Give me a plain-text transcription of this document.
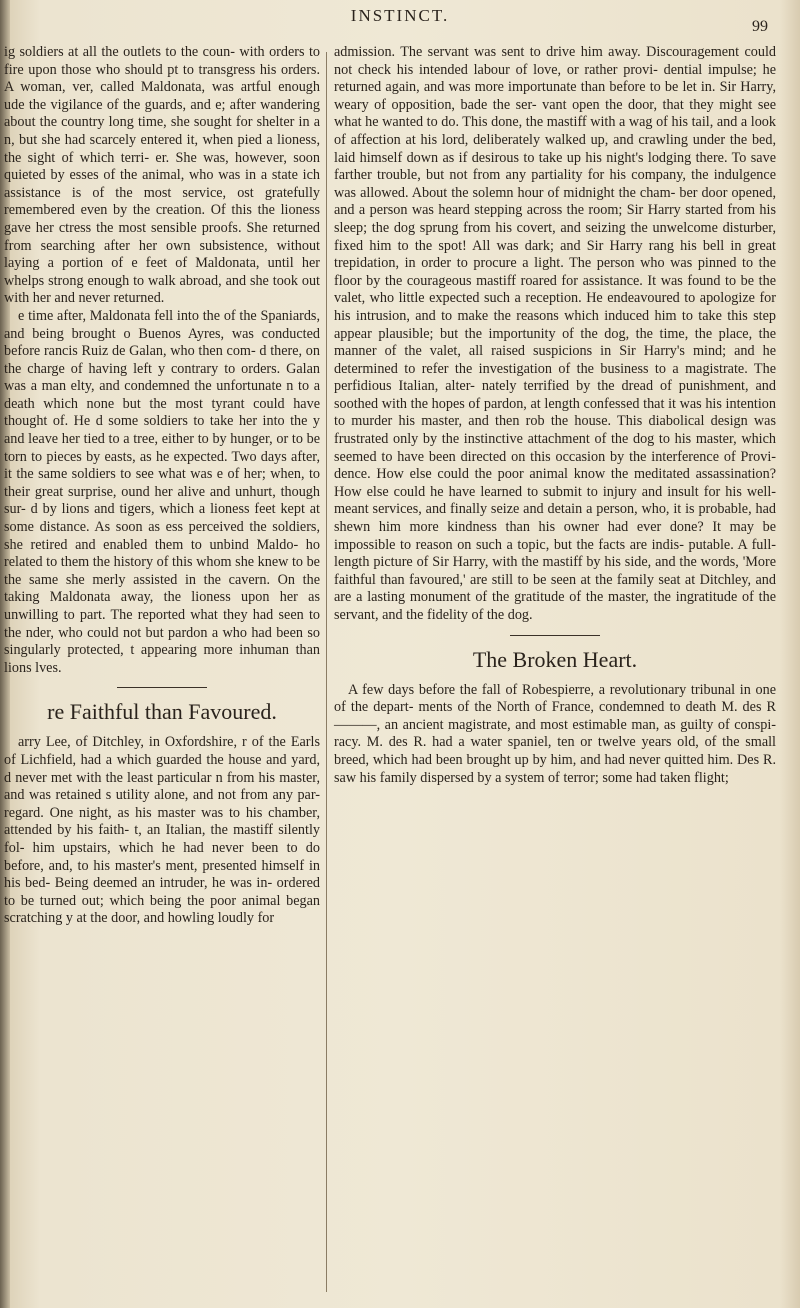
INSTINCT.
99

ig soldiers at all the outlets to the coun- with orders to fire upon those who should pt to transgress his orders. A woman, ver, called Maldonata, was artful enough ude the vigilance of the guards, and e; after wandering about the country long time, she sought for shelter in a n, but she had scarcely entered it, when pied a lioness, the sight of which terri- er. She was, however, soon quieted by esses of the animal, who was in a state ich assistance is of the most service, ost gratefully remembered even by the creation. Of this the lioness gave her ctress the most sensible proofs. She returned from searching after her own subsistence, without laying a portion of e feet of Maldonata, until her whelps strong enough to walk abroad, and she took out with her and never returned.

e time after, Maldonata fell into the of the Spaniards, and being brought o Buenos Ayres, was conducted before rancis Ruiz de Galan, who then com- d there, on the charge of having left y contrary to orders. Galan was a man elty, and condemned the unfortunate n to a death which none but the most tyrant could have thought of. He d some soldiers to take her into the y and leave her tied to a tree, either to by hunger, or to be torn to pieces by easts, as he expected. Two days after, it the same soldiers to see what was e of her; when, to their great surprise, ound her alive and unhurt, though sur- d by lions and tigers, which a lioness feet kept at some distance. As soon as ess perceived the soldiers, she retired and enabled them to unbind Maldo- ho related to them the history of this whom she knew to be the same she merly assisted in the cavern. On the taking Maldonata away, the lioness upon her as unwilling to part. The reported what they had seen to the nder, who could not but pardon a who had been so singularly protected, t appearing more inhuman than lions lves.

re Faithful than Favoured.

arry Lee, of Ditchley, in Oxfordshire, r of the Earls of Lichfield, had a which guarded the house and yard, d never met with the least particular n from his master, and was retained s utility alone, and not from any par- regard. One night, as his master was to his chamber, attended by his faith- t, an Italian, the mastiff silently fol- him upstairs, which he had never been to do before, and, to his master's ment, presented himself in his bed- Being deemed an intruder, he was in- ordered to be turned out; which being the poor animal began scratching y at the door, and howling loudly for

admission. The servant was sent to drive him away. Discouragement could not check his intended labour of love, or rather provi- dential impulse; he returned again, and was more importunate than before to be let in. Sir Harry, weary of opposition, bade the ser- vant open the door, that they might see what he wanted to do. This done, the mastiff with a wag of his tail, and a look of affection at his lord, deliberately walked up, and crawling under the bed, laid himself down as if desirous to take up his night's lodging there. To save farther trouble, but not from any partiality for his company, the indulgence was allowed. About the solemn hour of midnight the cham- ber door opened, and a person was heard stepping across the room; Sir Harry started from his sleep; the dog sprung from his covert, and seizing the unwelcome disturber, fixed him to the spot! All was dark; and Sir Harry rang his bell in great trepidation, in order to procure a light. The person who was pinned to the floor by the courageous mastiff roared for assistance. It was found to be the valet, who little expected such a reception. He endeavoured to apologize for his intrusion, and to make the reasons which induced him to take this step appear plausible; but the importunity of the dog, the time, the place, the manner of the valet, all raised suspicions in Sir Harry's mind; and he determined to refer the investigation of the business to a magistrate. The perfidious Italian, alter- nately terrified by the dread of punishment, and soothed with the hopes of pardon, at length confessed that it was his intention to murder his master, and then rob the house. This diabolical design was frustrated only by the instinctive attachment of the dog to his master, which seemed to have been directed on this occasion by the interference of Provi- dence. How else could the poor animal know the meditated assassination? How else could he have learned to submit to injury and insult for his well-meant services, and finally seize and detain a person, who, it is probable, had shewn him more kindness than his owner had ever done? It may be impossible to reason on such a topic, but the facts are indis- putable. A full-length picture of Sir Harry, with the mastiff by his side, and the words, 'More faithful than favoured,' are still to be seen at the family seat at Ditchley, and are a lasting monument of the gratitude of the master, the ingratitude of the servant, and the fidelity of the dog.

The Broken Heart.

A few days before the fall of Robespierre, a revolutionary tribunal in one of the depart- ments of the North of France, condemned to death M. des R———, an ancient magistrate, and most estimable man, as guilty of conspi- racy. M. des R. had a water spaniel, ten or twelve years old, of the small breed, which had been brought up by him, and had never quitted him. Des R. saw his family dispersed by a system of terror; some had taken flight;
